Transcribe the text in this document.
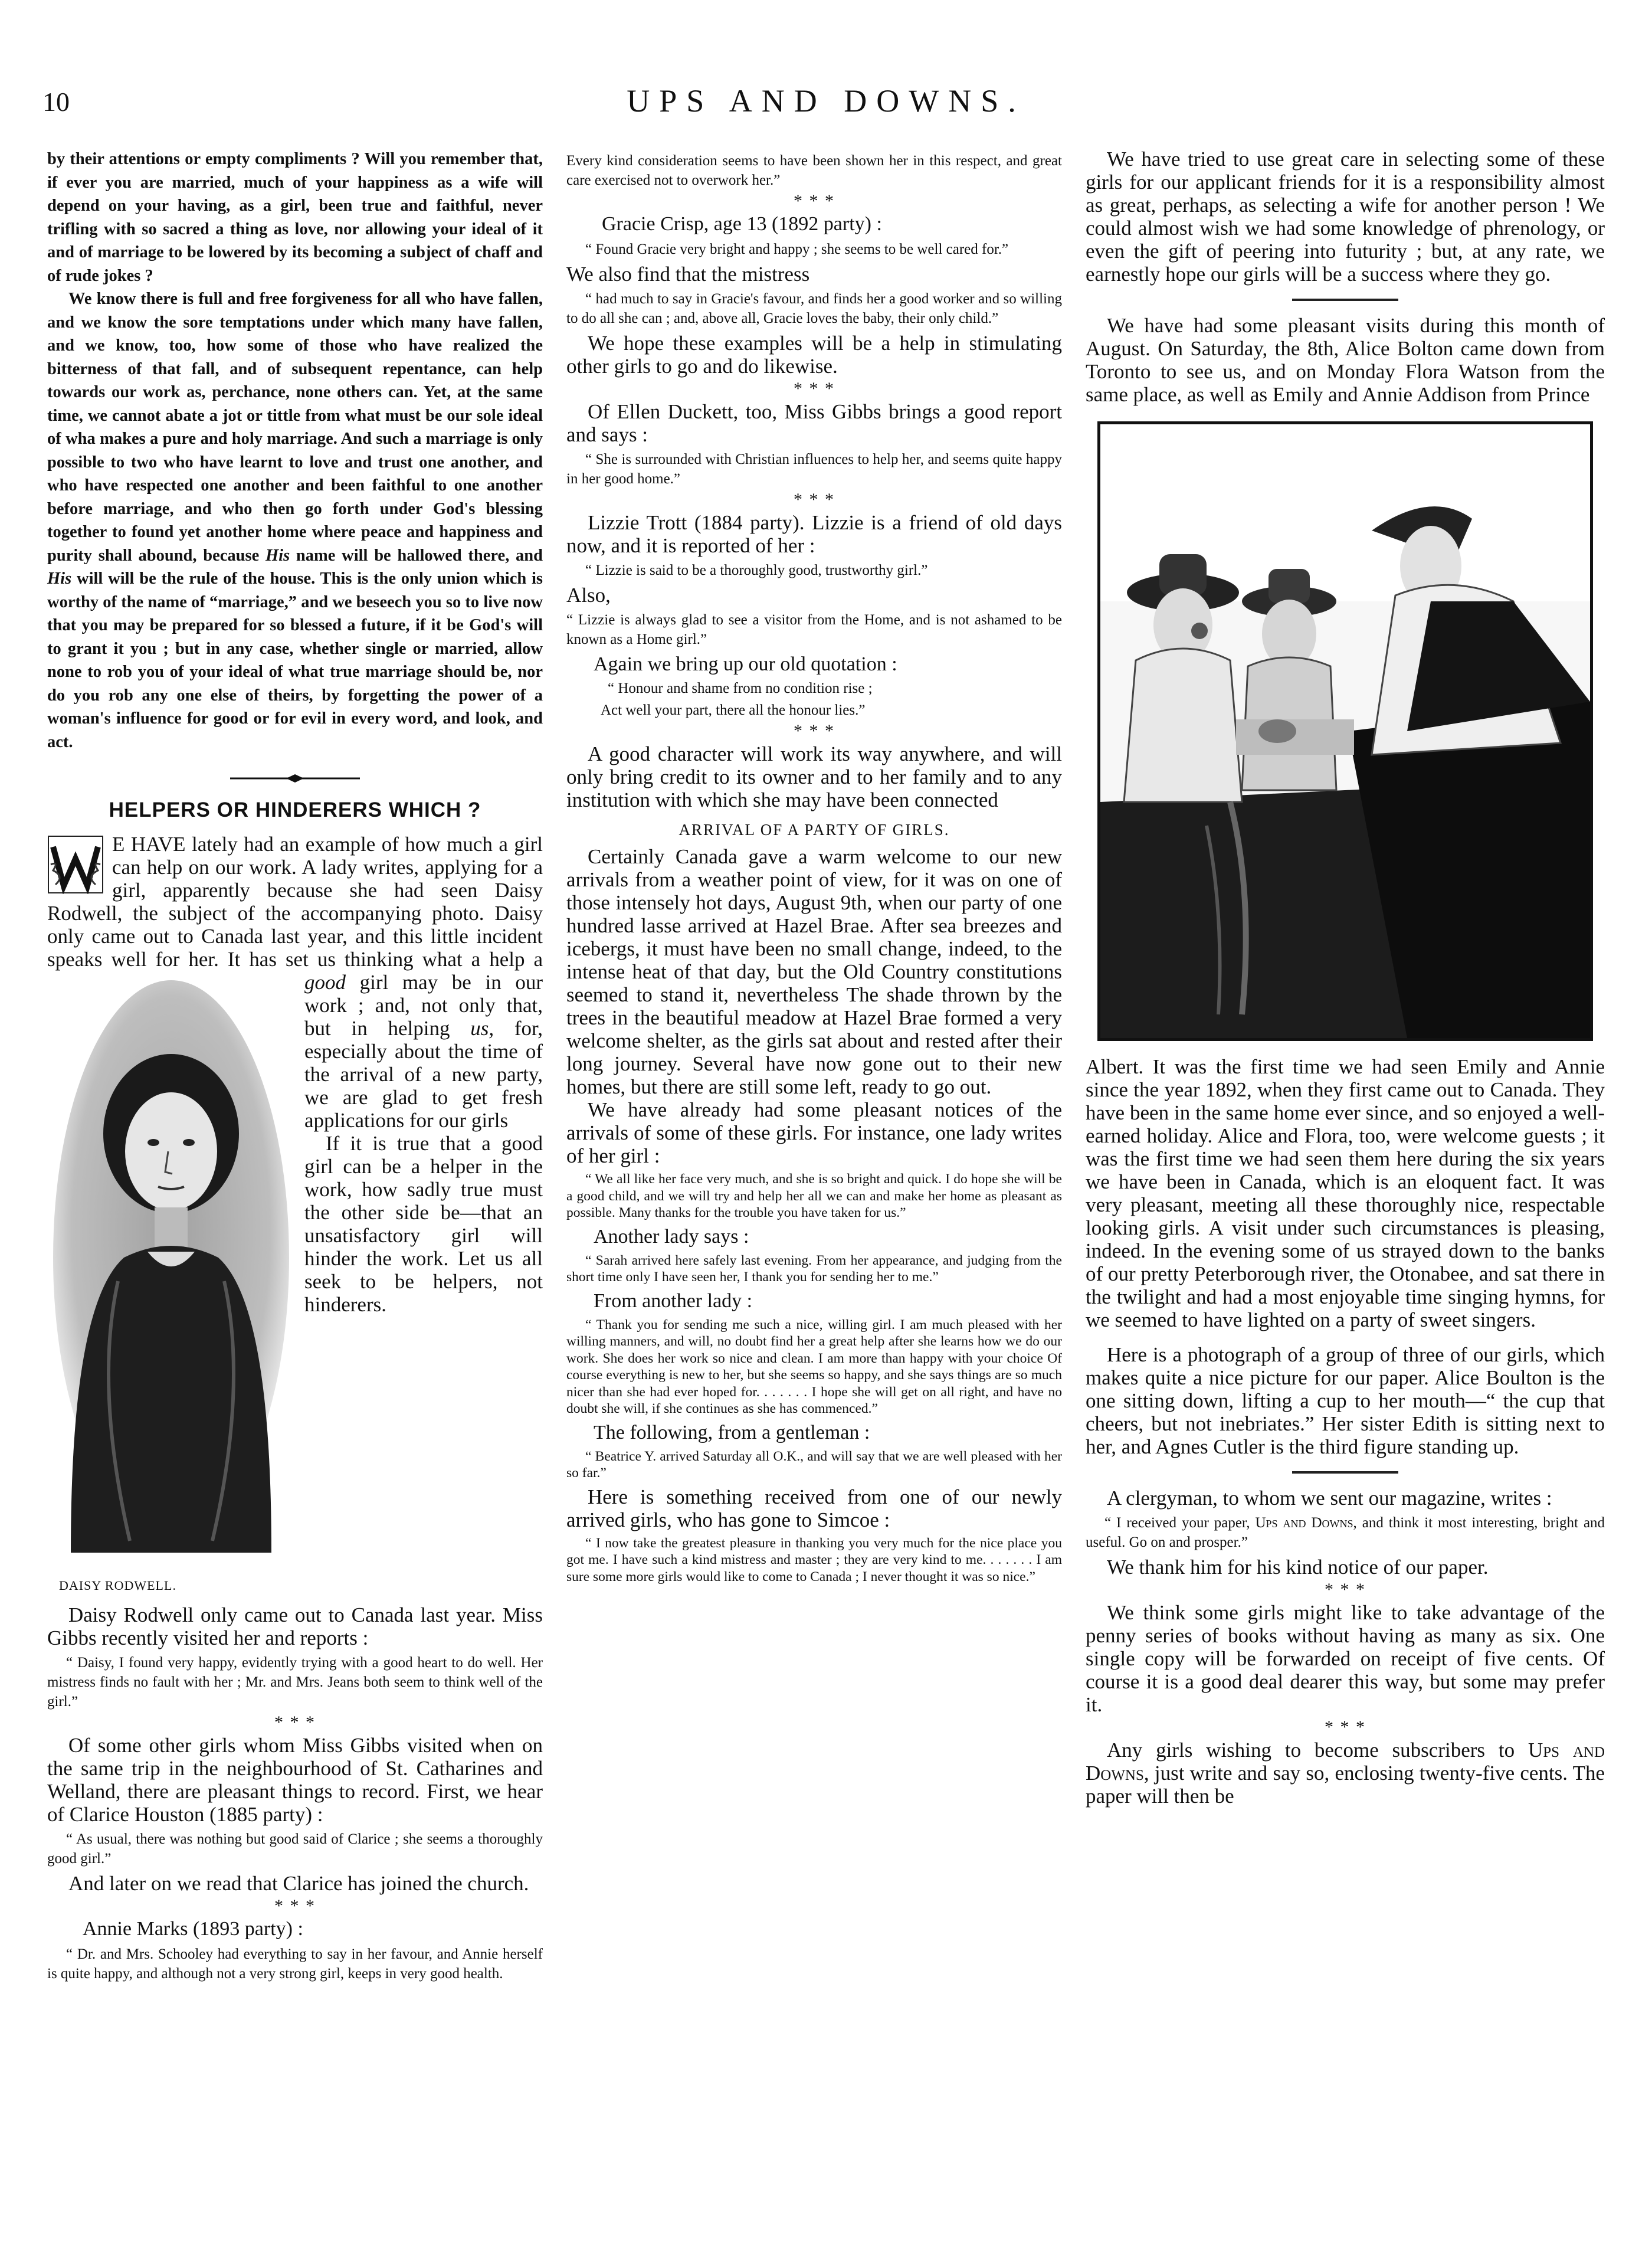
10	UPS AND DOWNS.

by their attentions or empty compliments ? Will you remember that, if ever you are married, much of your happiness as a wife will depend on your having, as a girl, been true and faithful, never trifling with so sacred a thing as love, nor allowing your ideal of it and of marriage to be lowered by its becoming a subject of chaff and of rude jokes ?

We know there is full and free forgiveness for all who have fallen, and we know the sore temptations under which many have fallen, and we know, too, how some of those who have realized the bitterness of that fall, and of subsequent repentance, can help towards our work as, perchance, none others can. Yet, at the same time, we cannot abate a jot or tittle from what must be our sole ideal of wha makes a pure and holy marriage. And such a marriage is only possible to two who have learnt to love and trust one another, and who have respected one another and been faithful to one another before marriage, and who then go forth under God's blessing together to found yet another home where peace and happiness and purity shall abound, because His name will be hallowed there, and His will will be the rule of the house. This is the only union which is worthy of the name of “marriage,” and we beseech you so to live now that you may be prepared for so blessed a future, if it be God's will to grant it you ; but in any case, whether single or married, allow none to rob you of your ideal of what true marriage should be, nor do you rob any one else of theirs, by forgetting the power of a woman's influence for good or for evil in every word, and look, and act.

HELPERS OR HINDERERS WHICH ?
E HAVE lately had an example of how much a girl can help on our work. A lady writes, applying for a girl, apparently because she had seen Daisy Rodwell, the subject of the accompanying photo. Daisy only came out to Canada last year, and this little incident speaks well for her. It has set us thinking what a help a good
DAISY RODWELL.
girl may be in our work ; and, not only that, but in helping us, for, especially about the time of the arrival of a new party, we are glad to get fresh applications for our girls

If it is true that a good girl can be a helper in the work, how sadly true must the other side be—that an unsatisfactory girl will hinder the work. Let us all seek to be helpers, not hinderers.

Daisy Rodwell only came out to Canada last year. Miss Gibbs recently visited her and reports :

“ Daisy, I found very happy, evidently trying with a good heart to do well. Her mistress finds no fault with her ; Mr. and Mrs. Jeans both seem to think well of the girl.”

* * *

Of some other girls whom Miss Gibbs visited when on the same trip in the neighbourhood of St. Catharines and Welland, there are pleasant things to record. First, we hear of Clarice Houston (1885 party) :

“ As usual, there was nothing but good said of Clarice ; she seems a thoroughly good girl.”

And later on we read that Clarice has joined the church.

* * *

Annie Marks (1893 party) :

“ Dr. and Mrs. Schooley had everything to say in her favour, and Annie herself is quite happy, and although not a very strong girl, keeps in very good health.

Every kind consideration seems to have been shown her in this respect, and great care exercised not to overwork her.”

* * *

Gracie Crisp, age 13 (1892 party) :

“ Found Gracie very bright and happy ; she seems to be well cared for.”

We also find that the mistress

“ had much to say in Gracie's favour, and finds her a good worker and so willing to do all she can ; and, above all, Gracie loves the baby, their only child.”

We hope these examples will be a help in stimulating other girls to go and do likewise.

* * *

Of Ellen Duckett, too, Miss Gibbs brings a good report and says :

“ She is surrounded with Christian influences to help her, and seems quite happy in her good home.”

* * *

Lizzie Trott (1884 party). Lizzie is a friend of old days now, and it is reported of her :

“ Lizzie is said to be a thoroughly good, trustworthy girl.”

Also,

“ Lizzie is always glad to see a visitor from the Home, and is not ashamed to be known as a Home girl.”

Again we bring up our old quotation :

“ Honour and shame from no condition rise ;

Act well your part, there all the honour lies.”

* * *

A good character will work its way anywhere, and will only bring credit to its owner and to her family and to any institution with which she may have been connected

ARRIVAL OF A PARTY OF GIRLS.

Certainly Canada gave a warm welcome to our new arrivals from a weather point of view, for it was on one of those intensely hot days, August 9th, when our party of one hundred lasse arrived at Hazel Brae. After sea breezes and icebergs, it must have been no small change, indeed, to the intense heat of that day, but the Old Country constitutions seemed to stand it, nevertheless The shade thrown by the trees in the beautiful meadow at Hazel Brae formed a very welcome shelter, as the girls sat about and rested after their long journey. Several have now gone out to their new homes, but there are still some left, ready to go out.

We have already had some pleasant notices of the arrivals of some of these girls. For instance, one lady writes of her girl :

“ We all like her face very much, and she is so bright and quick. I do hope she will be a good child, and we will try and help her all we can and make her home as pleasant as possible. Many thanks for the trouble you have taken for us.”

Another lady says :

“ Sarah arrived here safely last evening. From her appearance, and judging from the short time only I have seen her, I thank you for sending her to me.”

From another lady :

“ Thank you for sending me such a nice, willing girl. I am much pleased with her willing manners, and will, no doubt find her a great help after she learns how we do our work. She does her work so nice and clean. I am more than happy with your choice Of course everything is new to her, but she seems so happy, and she says things are so much nicer than she had ever hoped for. . . . . . . I hope she will get on all right, and have no doubt she will, if she continues as she has commenced.”

The following, from a gentleman :

“ Beatrice Y. arrived Saturday all O.K., and will say that we are well pleased with her so far.”

Here is something received from one of our newly arrived girls, who has gone to Simcoe :

“ I now take the greatest pleasure in thanking you very much for the nice place you got me. I have such a kind mistress and master ; they are very kind to me. . . . . . . I am sure some more girls would like to come to Canada ; I never thought it was so nice.”

We have tried to use great care in selecting some of these girls for our applicant friends for it is a responsibility almost as great, perhaps, as selecting a wife for another person ! We could almost wish we had some knowledge of phrenology, or even the gift of peering into futurity ; but, at any rate, we earnestly hope our girls will be a success where they go.

We have had some pleasant visits during this month of August. On Saturday, the 8th, Alice Bolton came down from Toronto to see us, and on Monday Flora Watson from the same place, as well as Emily and Annie Addison from Prince

Albert. It was the first time we had seen Emily and Annie since the year 1892, when they first came out to Canada. They have been in the same home ever since, and so enjoyed a well-earned holiday. Alice and Flora, too, were welcome guests ; it was the first time we had seen them here during the six years we have been in Canada, which is an eloquent fact. It was very pleasant, meeting all these thoroughly nice, respectable looking girls. A visit under such circumstances is pleasing, indeed. In the evening some of us strayed down to the banks of our pretty Peterborough river, the Otonabee, and sat there in the twilight and had a most enjoyable time singing hymns, for we seemed to have lighted on a party of sweet singers.

Here is a photograph of a group of three of our girls, which makes quite a nice picture for our paper. Alice Boulton is the one sitting down, lifting a cup to her mouth—“ the cup that cheers, but not inebriates.” Her sister Edith is sitting next to her, and Agnes Cutler is the third figure standing up.

A clergyman, to whom we sent our magazine, writes :

“ I received your paper, Ups and Downs, and think it most interesting, bright and useful. Go on and prosper.”

We thank him for his kind notice of our paper.

* * *

We think some girls might like to take advantage of the penny series of books without having as many as six. One single copy will be forwarded on receipt of five cents. Of course it is a good deal dearer this way, but some may prefer it.

* * *

Any girls wishing to become subscribers to Ups and Downs, just write and say so, enclosing twenty-five cents. The paper will then be
